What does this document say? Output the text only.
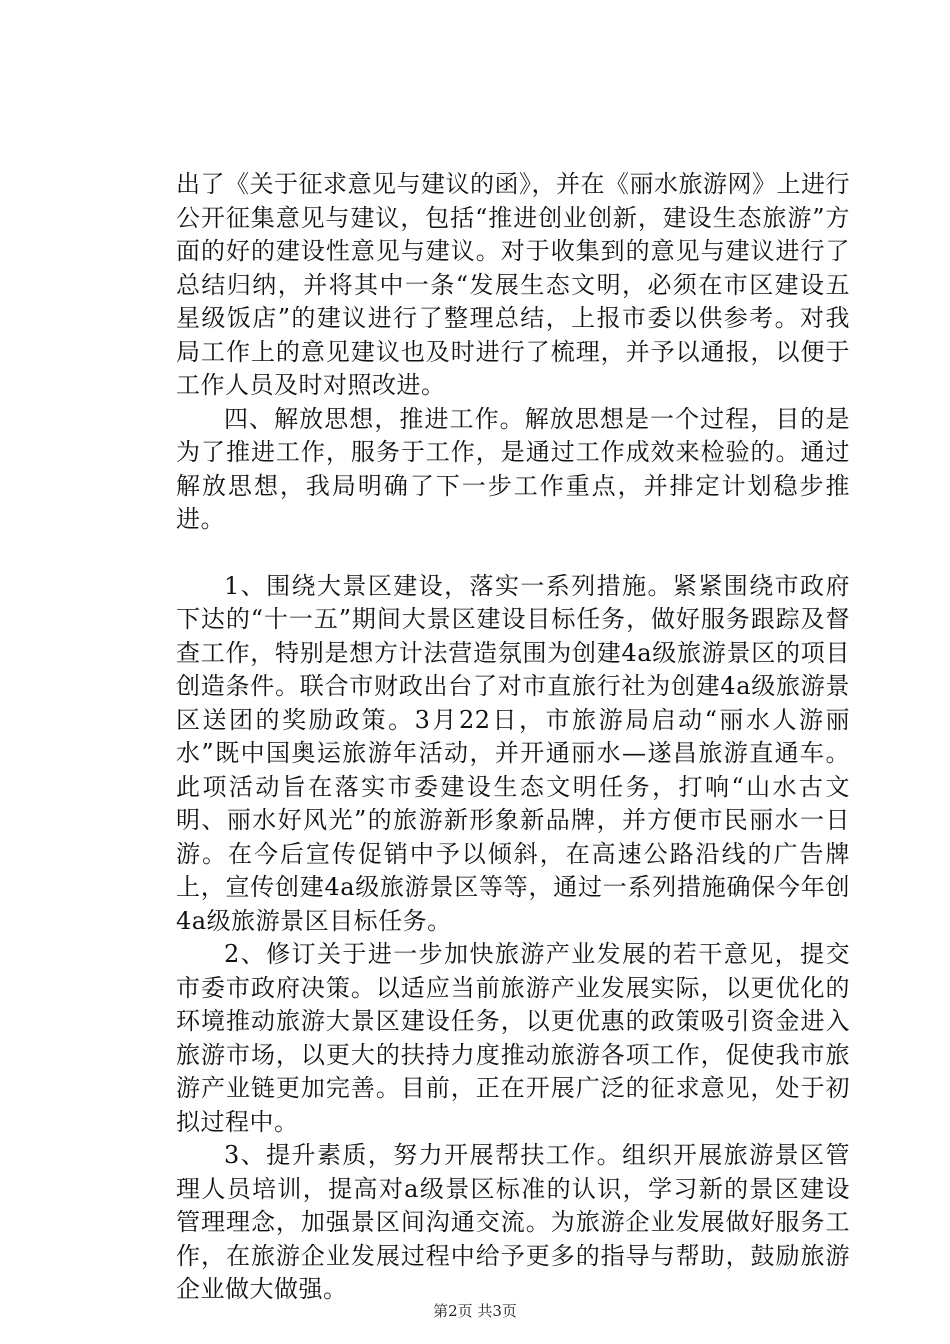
出了《关于征求意见与建议的函》，并在《丽水旅游网》上进行公开征集意见与建议，包括“推进创业创新，建设生态旅游”方面的好的建设性意见与建议。对于收集到的意见与建议进行了总结归纳，并将其中一条“发展生态文明，必须在市区建设五星级饭店”的建议进行了整理总结，上报市委以供参考。对我局工作上的意见建议也及时进行了梳理，并予以通报，以便于工作人员及时对照改进。

四、解放思想，推进工作。解放思想是一个过程，目的是为了推进工作，服务于工作，是通过工作成效来检验的。通过解放思想，我局明确了下一步工作重点，并排定计划稳步推进。

1、围绕大景区建设，落实一系列措施。紧紧围绕市政府下达的“十一五”期间大景区建设目标任务，做好服务跟踪及督查工作，特别是想方计法营造氛围为创建4a级旅游景区的项目创造条件。联合市财政出台了对市直旅行社为创建4a级旅游景区送团的奖励政策。3月22日，市旅游局启动“丽水人游丽水”既中国奥运旅游年活动，并开通丽水—遂昌旅游直通车。此项活动旨在落实市委建设生态文明任务，打响“山水古文明、丽水好风光”的旅游新形象新品牌，并方便市民丽水一日游。在今后宣传促销中予以倾斜，在高速公路沿线的广告牌上，宣传创建4a级旅游景区等等，通过一系列措施确保今年创4a级旅游景区目标任务。

2、修订关于进一步加快旅游产业发展的若干意见，提交市委市政府决策。以适应当前旅游产业发展实际，以更优化的环境推动旅游大景区建设任务，以更优惠的政策吸引资金进入旅游市场，以更大的扶持力度推动旅游各项工作，促使我市旅游产业链更加完善。目前，正在开展广泛的征求意见，处于初拟过程中。

3、提升素质，努力开展帮扶工作。组织开展旅游景区管理人员培训，提高对a级景区标准的认识，学习新的景区建设管理理念，加强景区间沟通交流。为旅游企业发展做好服务工作，在旅游企业发展过程中给予更多的指导与帮助，鼓励旅游企业做大做强。

第2页 共3页
